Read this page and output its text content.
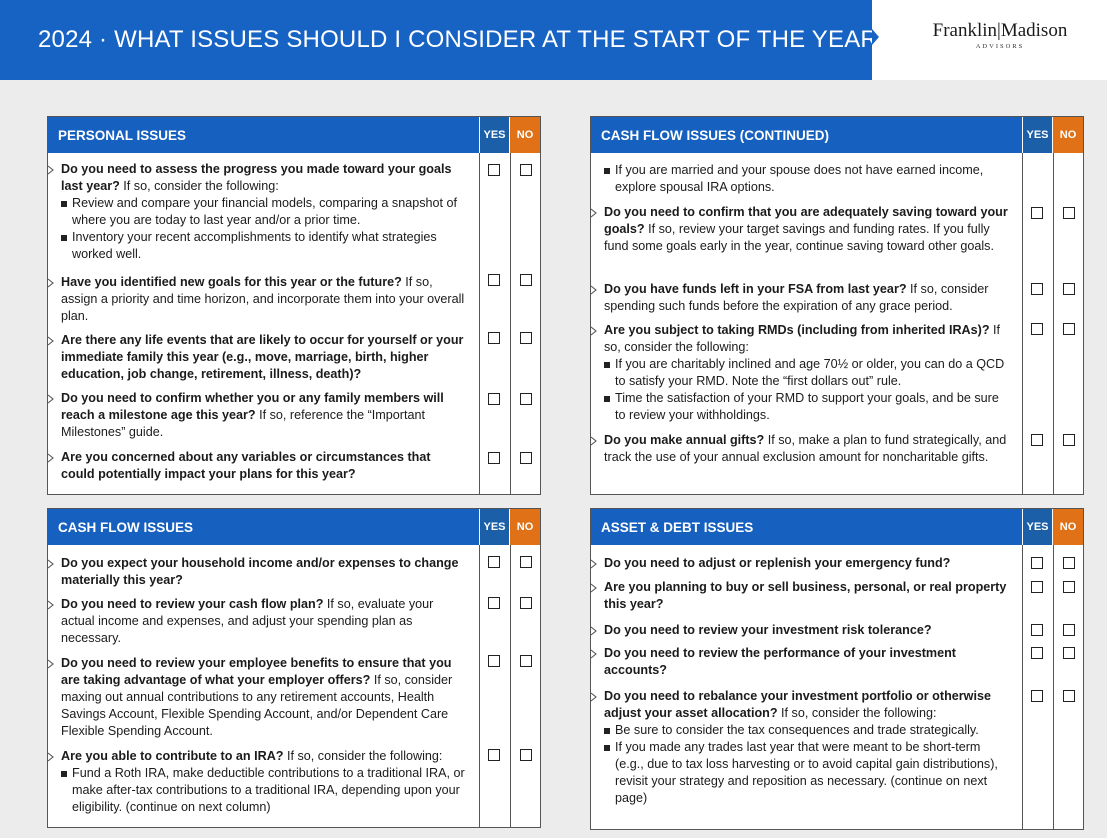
2024 · WHAT ISSUES SHOULD I CONSIDER AT THE START OF THE YEAR?	Franklin|Madison
ADVISORS
PERSONAL ISSUES	YES	NO
Do you need to assess the progress you made toward your goals last year? If so, consider the following:
Review and compare your financial models, comparing a snapshot of where you are today to last year and/or a prior time.
Inventory your recent accomplishments to identify what strategies worked well.
Have you identified new goals for this year or the future? If so, assign a priority and time horizon, and incorporate them into your overall plan.
Are there any life events that are likely to occur for yourself or your immediate family this year (e.g., move, marriage, birth, higher education, job change, retirement, illness, death)?
Do you need to confirm whether you or any family members will reach a milestone age this year? If so, reference the “Important Milestones” guide.
Are you concerned about any variables or circumstances that could potentially impact your plans for this year?
CASH FLOW ISSUES	YES	NO
Do you expect your household income and/or expenses to change materially this year?
Do you need to review your cash flow plan? If so, evaluate your actual income and expenses, and adjust your spending plan as necessary.
Do you need to review your employee benefits to ensure that you are taking advantage of what your employer offers? If so, consider maxing out annual contributions to any retirement accounts, Health Savings Account, Flexible Spending Account, and/or Dependent Care Flexible Spending Account.
Are you able to contribute to an IRA? If so, consider the following:
Fund a Roth IRA, make deductible contributions to a traditional IRA, or make after-tax contributions to a traditional IRA, depending upon your eligibility. (continue on next column)
CASH FLOW ISSUES (CONTINUED)	YES	NO
If you are married and your spouse does not have earned income, explore spousal IRA options.
Do you need to confirm that you are adequately saving toward your goals? If so, review your target savings and funding rates. If you fully fund some goals early in the year, continue saving toward other goals.
Do you have funds left in your FSA from last year? If so, consider spending such funds before the expiration of any grace period.
Are you subject to taking RMDs (including from inherited IRAs)? If so, consider the following:
If you are charitably inclined and age 70½ or older, you can do a QCD to satisfy your RMD. Note the “first dollars out” rule.
Time the satisfaction of your RMD to support your goals, and be sure to review your withholdings.
Do you make annual gifts? If so, make a plan to fund strategically, and track the use of your annual exclusion amount for noncharitable gifts.
ASSET & DEBT ISSUES	YES	NO
Do you need to adjust or replenish your emergency fund?
Are you planning to buy or sell business, personal, or real property this year?
Do you need to review your investment risk tolerance?
Do you need to review the performance of your investment accounts?
Do you need to rebalance your investment portfolio or otherwise adjust your asset allocation? If so, consider the following:
Be sure to consider the tax consequences and trade strategically.
If you made any trades last year that were meant to be short-term (e.g., due to tax loss harvesting or to avoid capital gain distributions), revisit your strategy and reposition as necessary. (continue on next page)
